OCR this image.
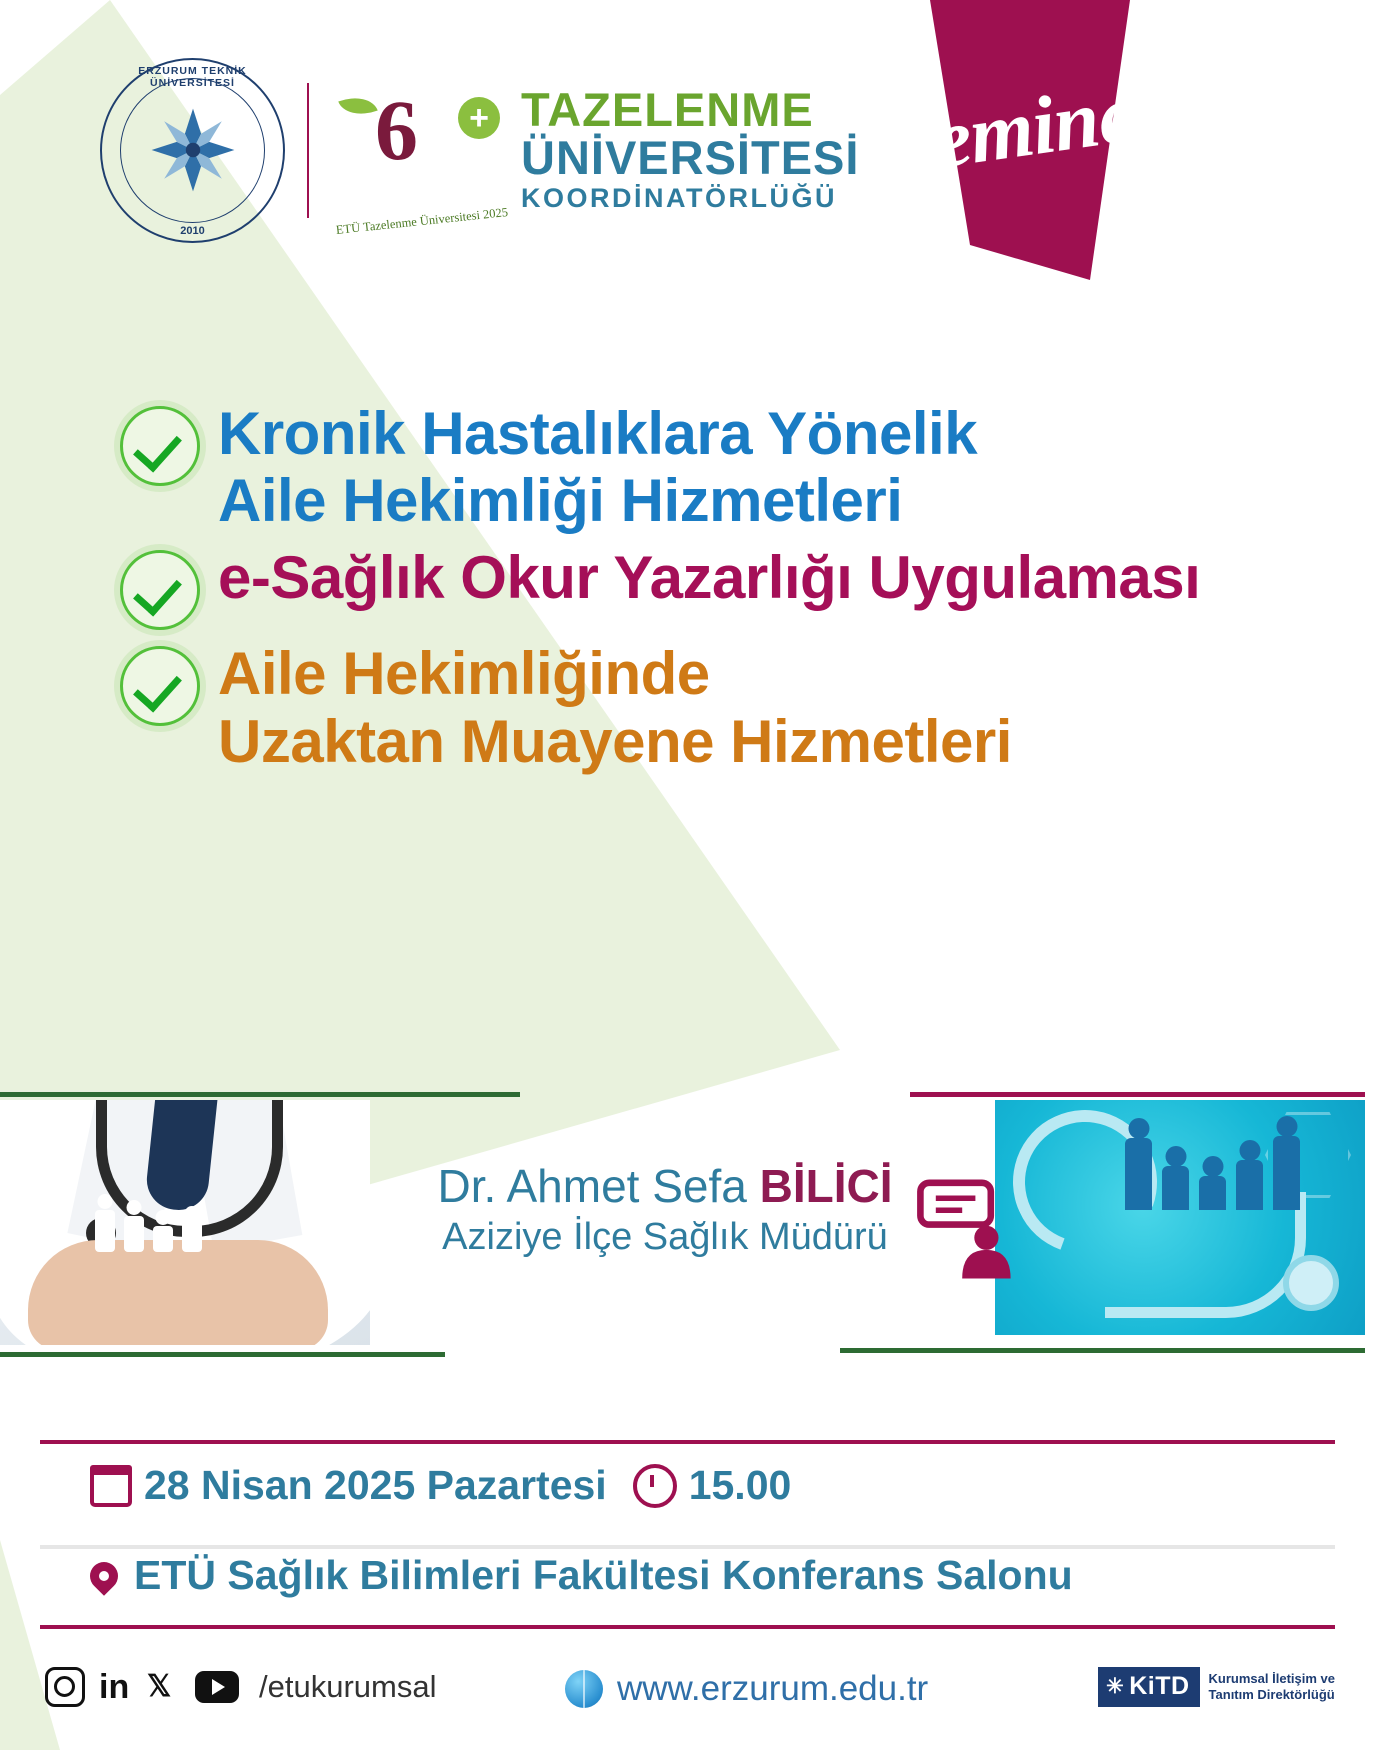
ERZURUM TEKNİK ÜNİVERSİTESİ
2010
6	+
ETÜ Tazelenme Üniversitesi 2025
TAZELENME
ÜNİVERSİTESİ
KOORDİNATÖRLÜĞÜ
seminer
Kronik Hastalıklara Yönelik
Aile Hekimliği Hizmetleri
e-Sağlık Okur Yazarlığı Uygulaması
Aile Hekimliğinde
Uzaktan Muayene Hizmetleri
Dr. Ahmet Sefa BİLİCİ
Aziziye İlçe Sağlık Müdürü
28 Nisan 2025 Pazartesi 15.00
ETÜ Sağlık Bilimleri Fakültesi Konferans Salonu
in 𝕏	/etukurumsal	www.erzurum.edu.tr	✳ KiTD Kurumsal İletişim ve
Tanıtım Direktörlüğü
